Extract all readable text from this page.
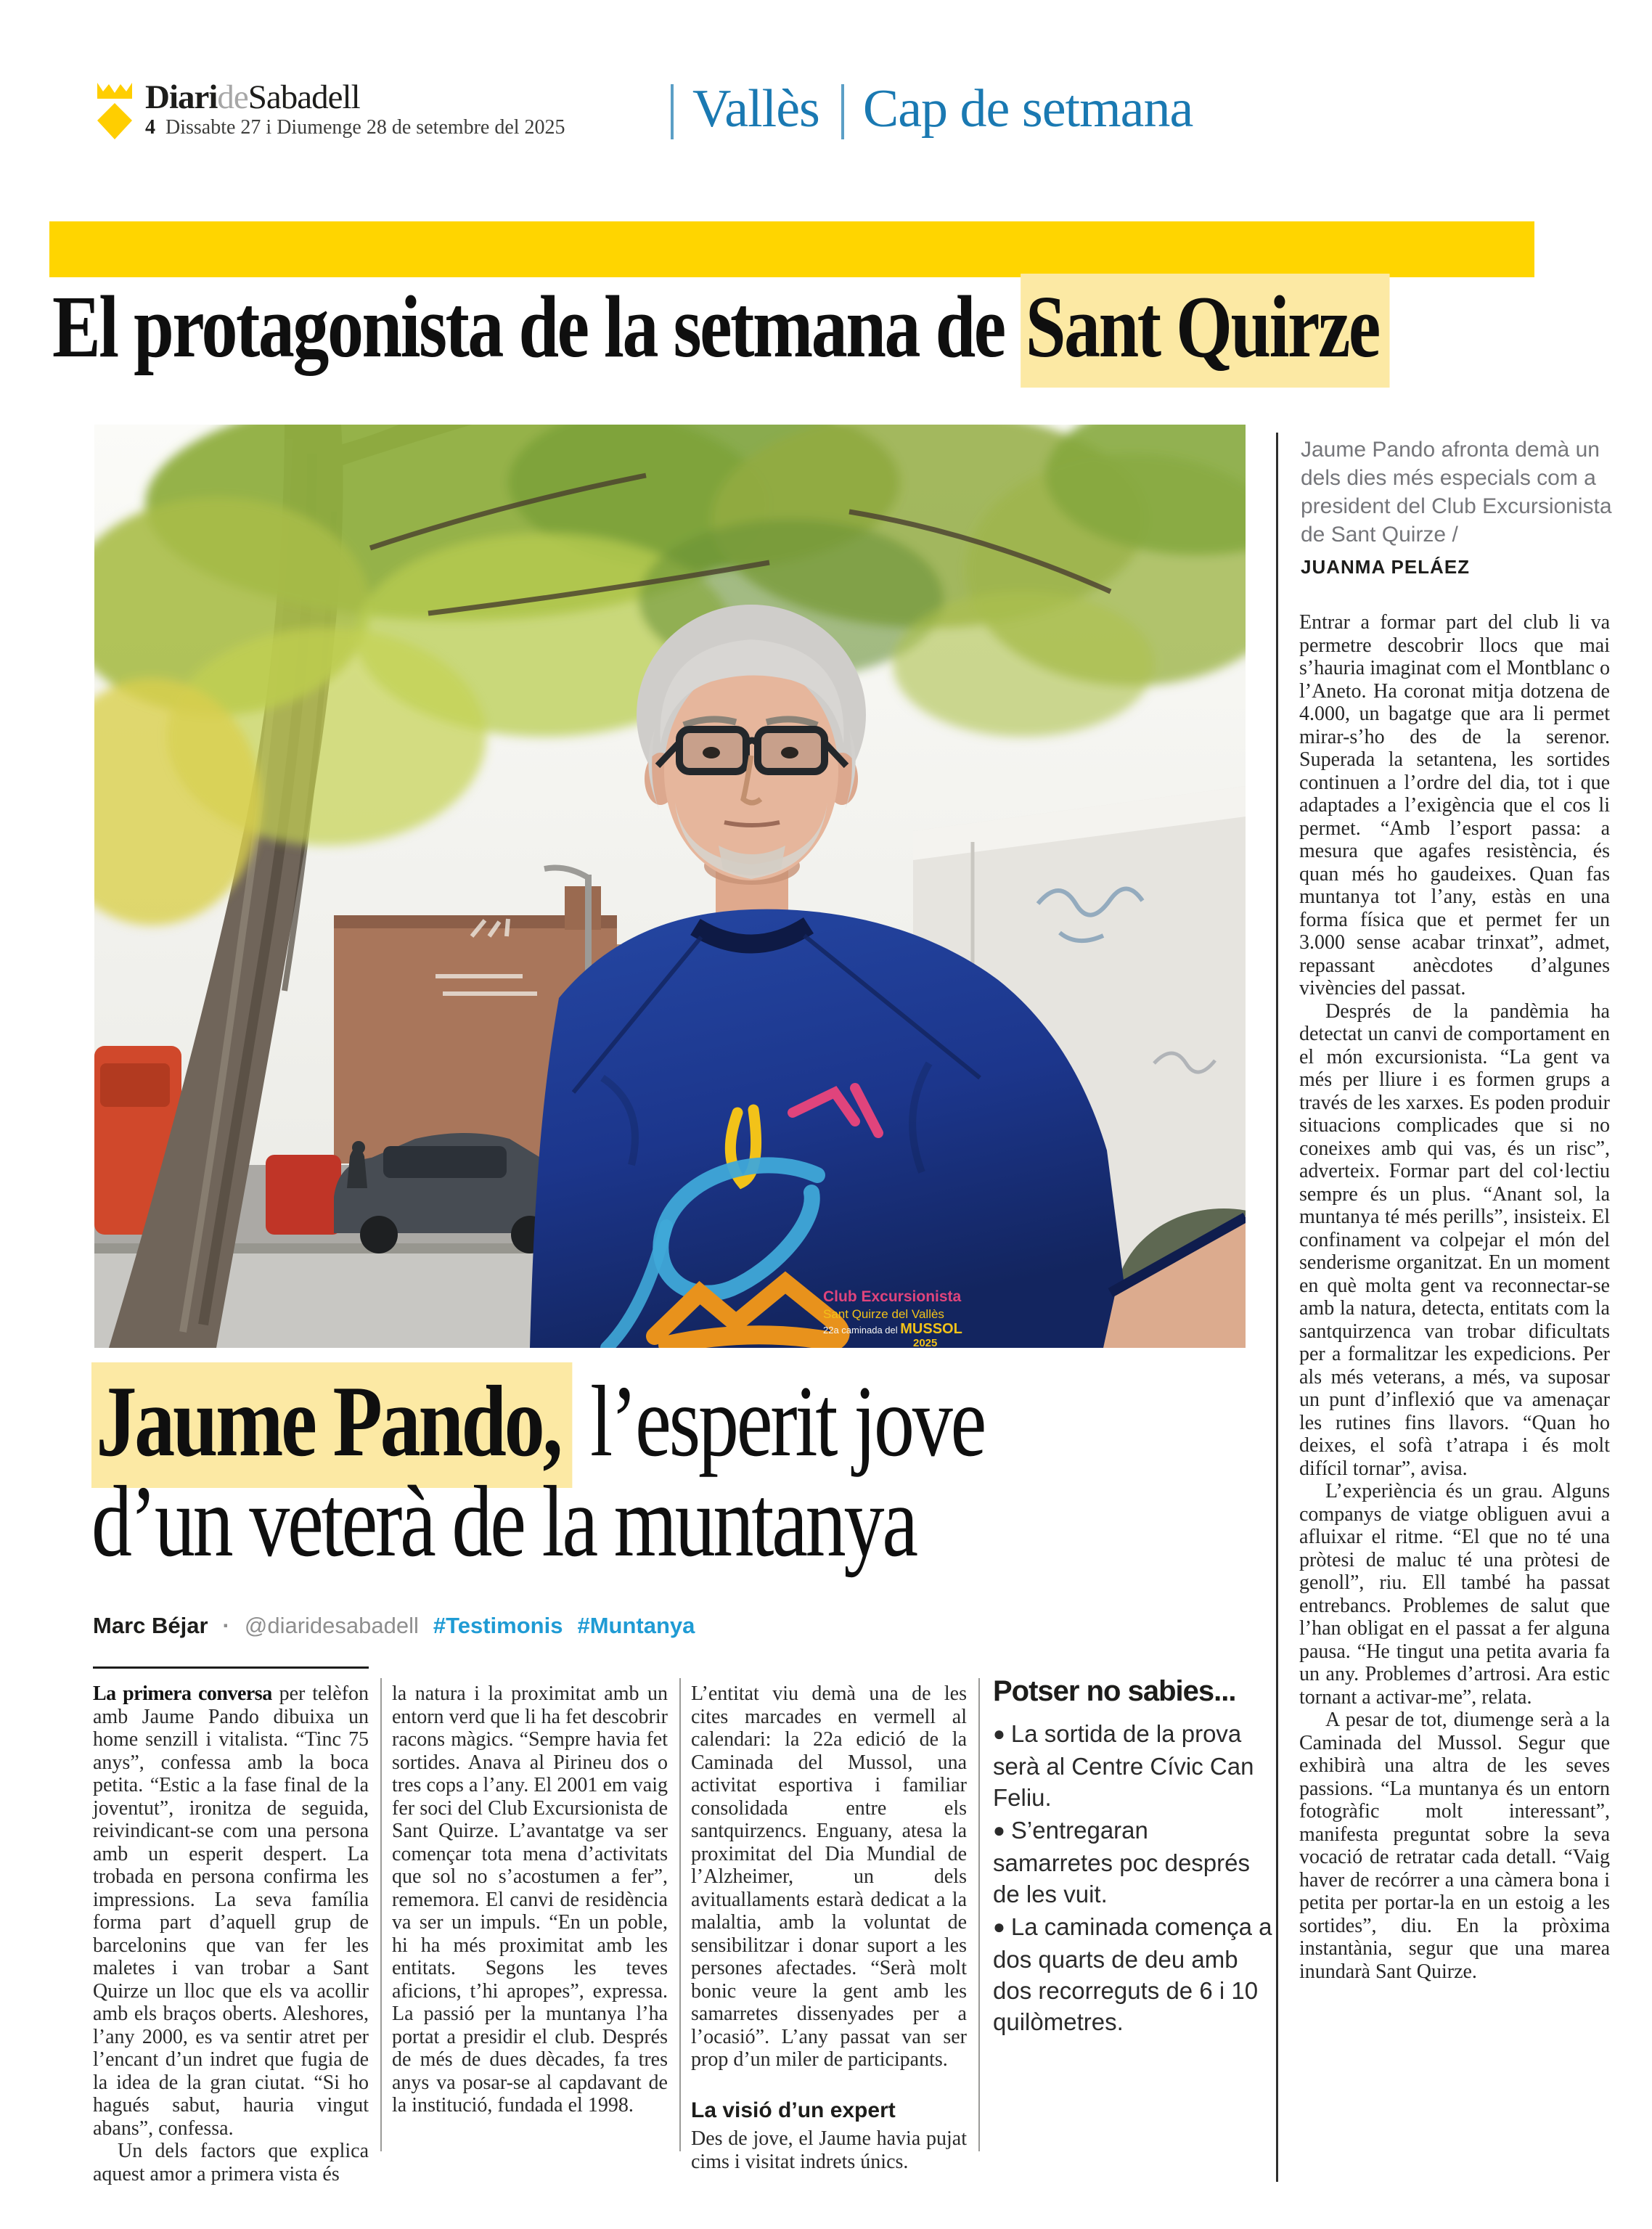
DiarideSabadell
4 Dissabte 27 i Diumenge 28 de setembre del 2025	Vallès Cap de setmana
El protagonista de la setmana de Sant Quirze
Club Excursionista
Sant Quirze del Vallès
22a caminada del MUSSOL
2025
Jaume Pando afronta demà un dels dies més especials com a president del Club Excursionista de Sant Quirze /
JUANMA PELÁEZ

Entrar a formar part del club li va permetre descobrir llocs que mai s’hauria imaginat com el Montblanc o l’Aneto. Ha coronat mitja dotzena de 4.000, un bagatge que ara li permet mirar-s’ho des de la serenor. Superada la setantena, les sortides continuen a l’ordre del dia, tot i que adaptades a l’exigència que el cos li permet. “Amb l’esport passa: a mesura que agafes resistència, és quan més ho gaudeixes. Quan fas muntanya tot l’any, estàs en una forma física que et permet fer un 3.000 sense acabar trinxat”, admet, repassant anècdotes d’algunes vivències del passat.

Després de la pandèmia ha detectat un canvi de comportament en el món excursionista. “La gent va més per lliure i es formen grups a través de les xarxes. Es poden produir situacions complicades que si no coneixes amb qui vas, és un risc”, adverteix. Formar part del col·lectiu sempre és un plus. “Anant sol, la muntanya té més perills”, insisteix. El confinament va colpejar el món del senderisme organitzat. En un moment en què molta gent va reconnectar-se amb la natura, detecta, entitats com la santquirzenca van trobar dificultats per a formalitzar les expedicions. Per als més veterans, a més, va suposar un punt d’inflexió que va amenaçar les rutines fins llavors. “Quan ho deixes, el sofà t’atrapa i és molt difícil tornar”, avisa.

L’experiència és un grau. Alguns companys de viatge obliguen avui a afluixar el ritme. “El que no té una pròtesi de maluc té una pròtesi de genoll”, riu. Ell també ha passat entrebancs. Problemes de salut que l’han obligat en el passat a fer alguna pausa. “He tingut una petita avaria fa un any. Problemes d’artrosi. Ara estic tornant a activar-me”, relata.

A pesar de tot, diumenge serà a la Caminada del Mussol. Segur que exhibirà una altra de les seves passions. “La muntanya és un entorn fotogràfic molt interessant”, manifesta preguntat sobre la seva vocació de retratar cada detall. “Vaig haver de recórrer a una càmera bona i petita per portar-la en un estoig a les sortides”, diu. En la pròxima instantània, segur que una marea inundarà Sant Quirze.

Jaume Pando, l’esperit jove
d’un veterà de la muntanya
Marc Béjar · @diaridesabadell #Testimonis #Muntanya

La primera conversa per telèfon amb Jaume Pando dibuixa un home senzill i vitalista. “Tinc 75 anys”, confessa amb la boca petita. “Estic a la fase final de la joventut”, ironitza de seguida, reivindicant-se com una persona amb un esperit despert. La trobada en persona confirma les impressions. La seva família forma part d’aquell grup de barcelonins que van fer les maletes i van trobar a Sant Quirze un lloc que els va acollir amb els braços oberts. Aleshores, l’any 2000, es va sentir atret per l’encant d’un indret que fugia de la idea de la gran ciutat. “Si ho hagués sabut, hauria vingut abans”, confessa.

Un dels factors que explica aquest amor a primera vista és

la natura i la proximitat amb un entorn verd que li ha fet descobrir racons màgics. “Sempre havia fet sortides. Anava al Pirineu dos o tres cops a l’any. El 2001 em vaig fer soci del Club Excursionista de Sant Quirze. L’avantatge va ser començar tota mena d’activitats que sol no s’acostumen a fer”, rememora. El canvi de residència va ser un impuls. “En un poble, hi ha més proximitat amb les entitats. Segons les teves aficions, t’hi apropes”, expressa. La passió per la muntanya l’ha portat a presidir el club. Després de més de dues dècades, fa tres anys va posar-se al capdavant de la institució, fundada el 1998.

L’entitat viu demà una de les cites marcades en vermell al calendari: la 22a edició de la Caminada del Mussol, una activitat esportiva i familiar consolidada entre els santquirzencs. Enguany, atesa la proximitat del Dia Mundial de l’Alzheimer, un dels avituallaments estarà dedicat a la malaltia, amb la voluntat de sensibilitzar i donar suport a les persones afectades. “Serà molt bonic veure la gent amb les samarretes dissenyades per a l’ocasió”. L’any passat van ser prop d’un miler de participants.

La visió d’un expert

Des de jove, el Jaume havia pujat cims i visitat indrets únics.

Potser no sabies...

● La sortida de la prova serà al Centre Cívic Can Feliu.

● S’entregaran samarretes poc després de les vuit.

● La caminada comença a dos quarts de deu amb dos recorreguts de 6 i 10 quilòmetres.
